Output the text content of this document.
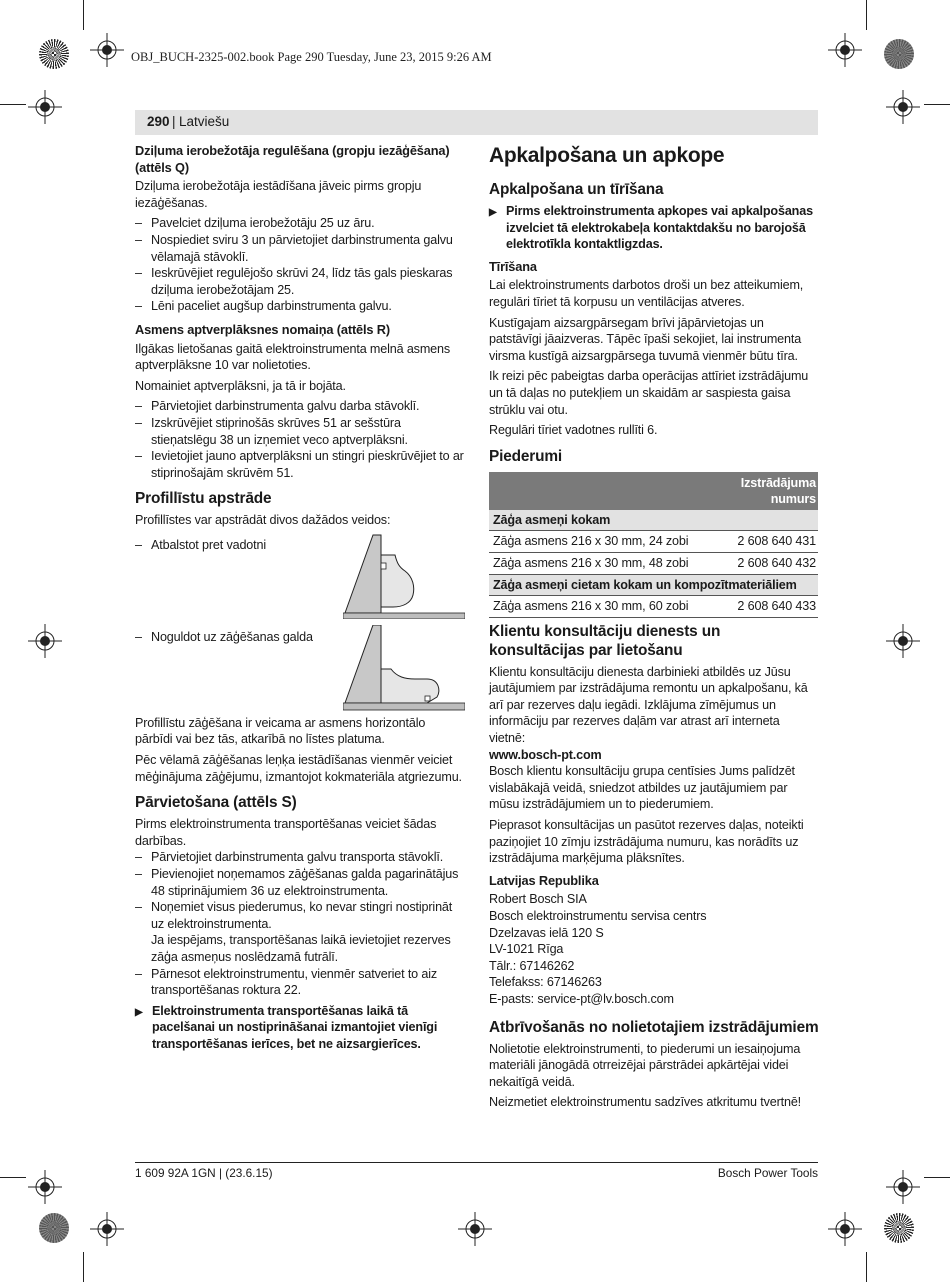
OBJ_BUCH-2325-002.book Page 290 Tuesday, June 23, 2015 9:26 AM
290 | Latviešu
Dziļuma ierobežotāja regulēšana (gropju iezāģēšana) (attēls Q)

Dziļuma ierobežotāja iestādīšana jāveic pirms gropju iezāģēšanas.

– Pavelciet dziļuma ierobežotāju 25 uz āru.
– Nospiediet sviru 3 un pārvietojiet darbinstrumenta galvu vēlamajā stāvoklī.
– Ieskrūvējiet regulējošo skrūvi 24, līdz tās gals pieskaras dziļuma ierobežotājam 25.
– Lēni paceliet augšup darbinstrumenta galvu.
Asmens aptverplāksnes nomaiņa (attēls R)

Ilgākas lietošanas gaitā elektroinstrumenta melnā asmens aptverplāksne 10 var nolietoties.

Nomainiet aptverplāksni, ja tā ir bojāta.

– Pārvietojiet darbinstrumenta galvu darba stāvoklī.
– Izskrūvējiet stiprinošās skrūves 51 ar sešstūra stieņatslēgu 38 un izņemiet veco aptverplāksni.
– Ievietojiet jauno aptverplāksni un stingri pieskrūvējiet to ar stiprinošajām skrūvēm 51.
Profillīstu apstrāde

Profillīstes var apstrādāt divos dažādos veidos:

– Atbalstot pret vadotni
– Noguldot uz zāģēšanas galda

Profillīstu zāģēšana ir veicama ar asmens horizontālo pārbīdi vai bez tās, atkarībā no līstes platuma.

Pēc vēlamā zāģēšanas leņķa iestādīšanas vienmēr veiciet mēģinājuma zāģējumu, izmantojot kokmateriāla atgriezumu.

Pārvietošana (attēls S)

Pirms elektroinstrumenta transportēšanas veiciet šādas darbības.

– Pārvietojiet darbinstrumenta galvu transporta stāvoklī.
– Pievienojiet noņemamos zāģēšanas galda pagarinātājus 48 stiprinājumiem 36 uz elektroinstrumenta.
– Noņemiet visus piederumus, ko nevar stingri nostiprināt uz elektroinstrumenta.
Ja iespējams, transportēšanas laikā ievietojiet rezerves zāģa asmeņus noslēdzamā futrālī.
– Pārnesot elektroinstrumentu, vienmēr satveriet to aiz transportēšanas roktura 22.
▶ Elektroinstrumenta transportēšanas laikā tā pacelšanai un nostiprināšanai izmantojiet vienīgi transportēšanas ierīces, bet ne aizsargierīces.
Apkalpošana un apkope
Apkalpošana un tīrīšana
▶ Pirms elektroinstrumenta apkopes vai apkalpošanas izvelciet tā elektrokabeļa kontaktdakšu no barojošā elektrotīkla kontaktligzdas.
Tīrīšana

Lai elektroinstruments darbotos droši un bez atteikumiem, regulāri tīriet tā korpusu un ventilācijas atveres.

Kustīgajam aizsargpārsegam brīvi jāpārvietojas un patstāvīgi jāaizveras. Tāpēc īpaši sekojiet, lai instrumenta virsma kustīgā aizsargpārsega tuvumā vienmēr būtu tīra.

Ik reizi pēc pabeigtas darba operācijas attīriet izstrādājumu un tā daļas no putekļiem un skaidām ar saspiesta gaisa strūklu vai otu.

Regulāri tīriet vadotnes rullīti 6.

Piederumi
Izstrādājuma numurs	
Zāģa asmeņi kokam	
Zāģa asmens 216 x 30 mm, 24 zobi	2 608 640 431
Zāģa asmens 216 x 30 mm, 48 zobi	2 608 640 432
Zāģa asmeņi cietam kokam un kompozītmateriāliem	
Zāģa asmens 216 x 30 mm, 60 zobi	2 608 640 433
Klientu konsultāciju dienests un konsultācijas par lietošanu

Klientu konsultāciju dienesta darbinieki atbildēs uz Jūsu jautājumiem par izstrādājuma remontu un apkalpošanu, kā arī par rezerves daļu iegādi. Izklājuma zīmējumus un informāciju par rezerves daļām var atrast arī interneta vietnē:
www.bosch-pt.com

Bosch klientu konsultāciju grupa centīsies Jums palīdzēt vislabākajā veidā, sniedzot atbildes uz jautājumiem par mūsu izstrādājumiem un to piederumiem.

Pieprasot konsultācijas un pasūtot rezerves daļas, noteikti paziņojiet 10 zīmju izstrādājuma numuru, kas norādīts uz izstrādājuma marķējuma plāksnītes.

Latvijas Republika
Robert Bosch SIA
Bosch elektroinstrumentu servisa centrs
Dzelzavas ielā 120 S
LV-1021 Rīga
Tālr.: 67146262
Telefakss: 67146263
E-pasts: service-pt@lv.bosch.com
Atbrīvošanās no nolietotajiem izstrādājumiem

Nolietotie elektroinstrumenti, to piederumi un iesaiņojuma materiāli jānogādā otrreizējai pārstrādei apkārtējai videi nekaitīgā veidā.

Neizmetiet elektroinstrumentu sadzīves atkritumu tvertnē!

1 609 92A 1GN | (23.6.15)	Bosch Power Tools
